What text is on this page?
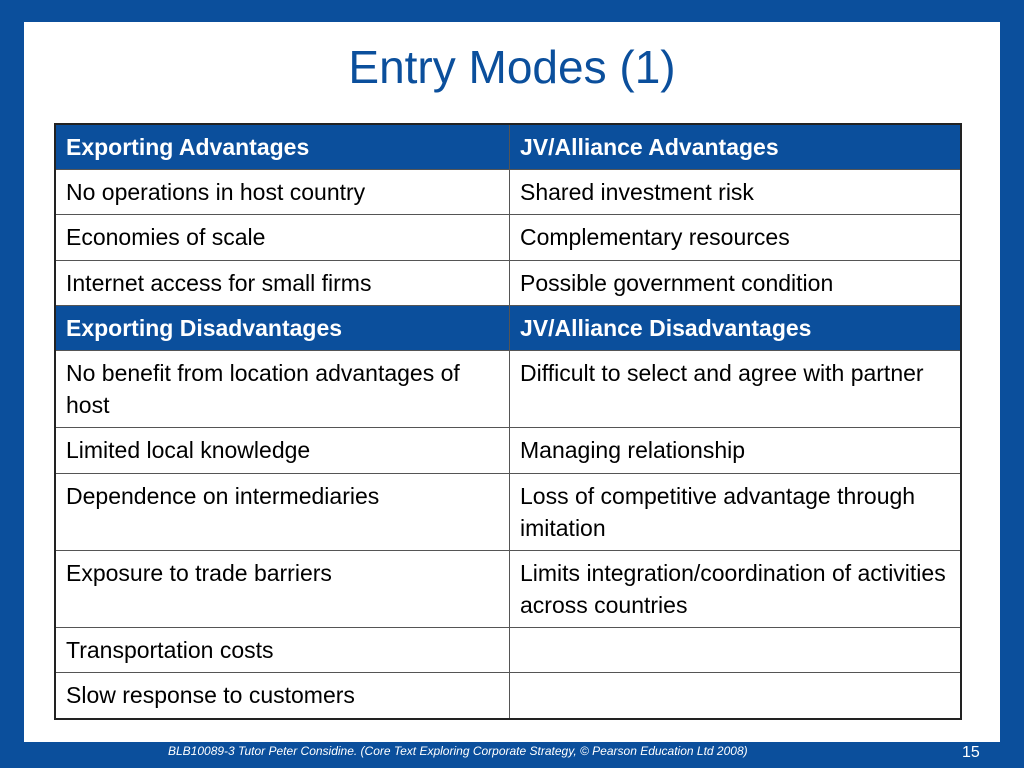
Entry Modes (1)
Exporting Advantages	JV/Alliance Advantages
No operations in host country	Shared investment risk
Economies of scale	Complementary resources
Internet access for small firms	Possible government condition
Exporting Disadvantages	JV/Alliance Disadvantages
No benefit from location advantages of host	Difficult to select and agree with partner
Limited local knowledge	Managing relationship
Dependence on intermediaries	Loss of competitive advantage through imitation
Exposure to trade barriers	Limits integration/coordination of activities across countries
Transportation costs	
Slow response to customers	
BLB10089-3 Tutor Peter Considine. (Core Text Exploring Corporate Strategy, © Pearson Education Ltd 2008)	15
